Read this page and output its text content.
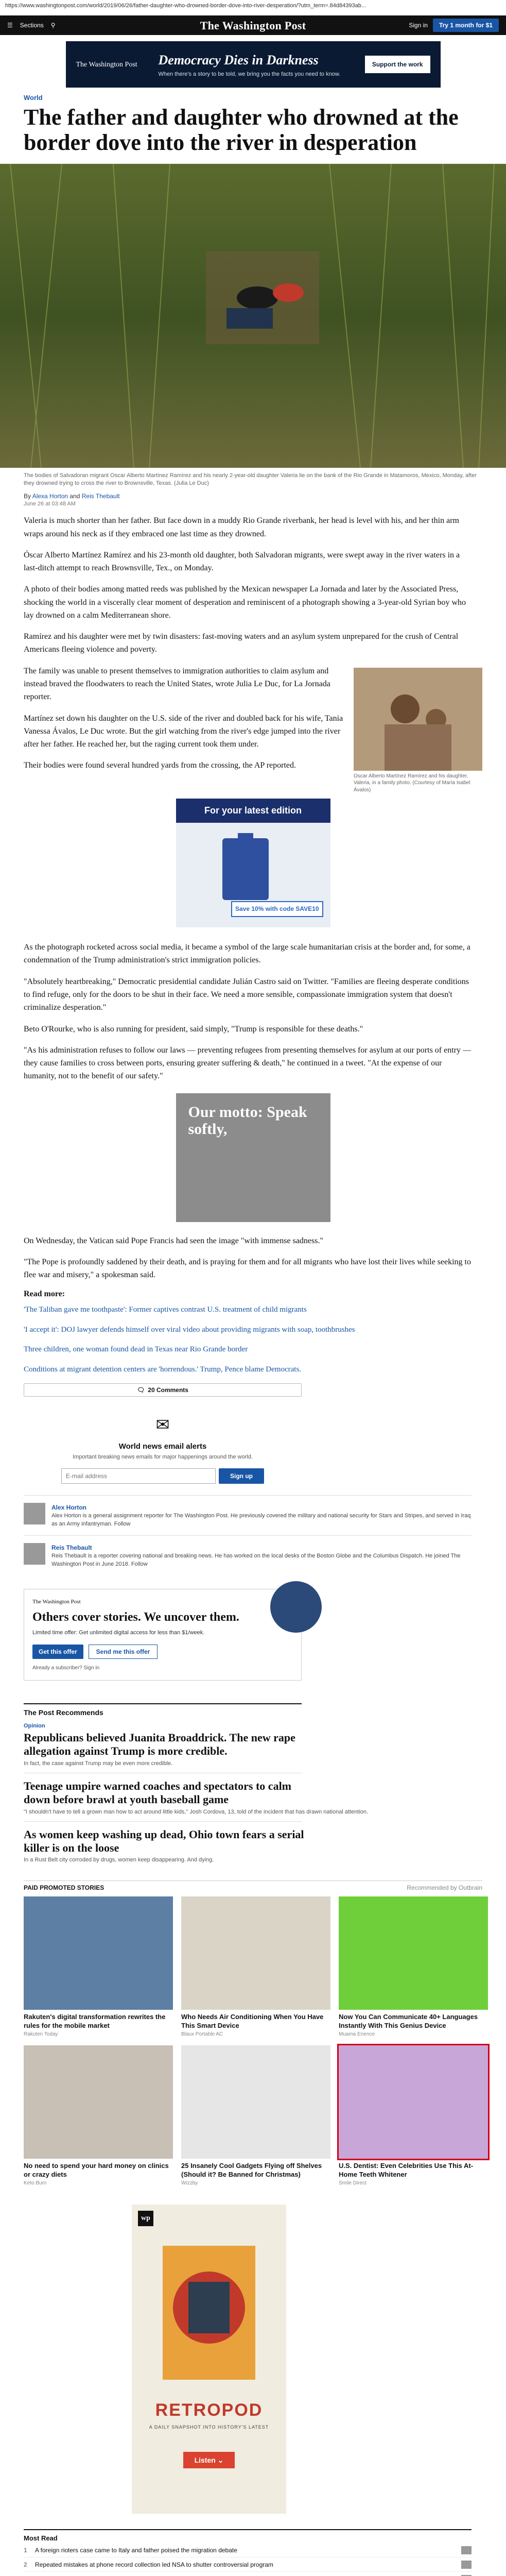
https://www.washingtonpost.com/world/2019/06/26/father-daughter-who-drowned-border-dove-into-river-desperation/?utm_term=.84d84393ab...
☰ Sections ⚲	The Washington Post	Sign in	Try 1 month for $1
The Washington Post	Democracy Dies in Darkness
When there's a story to be told, we bring you the facts you need to know.
Support the work
World
The father and daughter who drowned at the border dove into the river in desperation
The bodies of Salvadoran migrant Oscar Alberto Martínez Ramírez and his nearly 2-year-old daughter Valeria lie on the bank of the Rio Grande in Matamoros, Mexico, Monday, after they drowned trying to cross the river to Brownsville, Texas. (Julia Le Duc)
By Alexa Horton and Reis Thebault
June 26 at 03:48 AM

Valeria is much shorter than her father. But face down in a muddy Rio Grande riverbank, her head is level with his, and her thin arm wraps around his neck as if they embraced one last time as they drowned.

Óscar Alberto Martínez Ramírez and his 23-month old daughter, both Salvadoran migrants, were swept away in the river waters in a last-ditch attempt to reach Brownsville, Tex., on Monday.

A photo of their bodies among matted reeds was published by the Mexican newspaper La Jornada and later by the Associated Press, shocking the world in a viscerally clear moment of desperation and reminiscent of a photograph showing a 3-year-old Syrian boy who lay drowned on a calm Mediterranean shore.

Ramírez and his daughter were met by twin disasters: fast-moving waters and an asylum system unprepared for the crush of Central Americans fleeing violence and poverty.

Oscar Alberto Martínez Ramírez and his daughter, Valeria, in a family photo. (Courtesy of María Isabel Ávalos)

The family was unable to present themselves to immigration authorities to claim asylum and instead braved the floodwaters to reach the United States, wrote Julia Le Duc, for La Jornada reporter.

Martínez set down his daughter on the U.S. side of the river and doubled back for his wife, Tania Vanessa Ávalos, Le Duc wrote. But the girl watching from the river's edge jumped into the river after her father. He reached her, but the raging current took them under.

Their bodies were found several hundred yards from the crossing, the AP reported.

For your latest edition
Save 10% with code SAVE10

As the photograph rocketed across social media, it became a symbol of the large scale humanitarian crisis at the border and, for some, a condemnation of the Trump administration's strict immigration policies.

"Absolutely heartbreaking," Democratic presidential candidate Julián Castro said on Twitter. "Families are fleeing desperate conditions to find refuge, only for the doors to be shut in their face. We need a more sensible, compassionate immigration system that doesn't criminalize desperation."

Beto O'Rourke, who is also running for president, said simply, "Trump is responsible for these deaths."

"As his administration refuses to follow our laws — preventing refugees from presenting themselves for asylum at our ports of entry — they cause families to cross between ports, ensuring greater suffering & death," he continued in a tweet. "At the expense of our humanity, not to the benefit of our safety."

Our motto: Speak softly,

On Wednesday, the Vatican said Pope Francis had seen the image "with immense sadness."

"The Pope is profoundly saddened by their death, and is praying for them and for all migrants who have lost their lives while seeking to flee war and misery," a spokesman said.

Read more:
'The Taliban gave me toothpaste': Former captives contrast U.S. treatment of child migrants
'I accept it': DOJ lawyer defends himself over viral video about providing migrants with soap, toothbrushes
Three children, one woman found dead in Texas near Rio Grande border
Conditions at migrant detention centers are 'horrendous.' Trump, Pence blame Democrats.
🗨 20 Comments
✉
World news email alerts
Important breaking news emails for major happenings around the world.
E-mail address
Sign up
Alex Horton
Alex Horton is a general assignment reporter for The Washington Post. He previously covered the military and national security for Stars and Stripes, and served in Iraq as an Army infantryman. Follow
Reis Thebault
Reis Thebault is a reporter covering national and breaking news. He has worked on the local desks of the Boston Globe and the Columbus Dispatch. He joined The Washington Post in June 2018. Follow
The Washington Post
Others cover stories. We uncover them.
Limited time offer: Get unlimited digital access for less than $1/week.
Get this offer	Send me this offer
Already a subscriber? Sign in
The Post Recommends
Opinion
Republicans believed Juanita Broaddrick. The new rape allegation against Trump is more credible.
In fact, the case against Trump may be even more credible.
Teenage umpire warned coaches and spectators to calm down before brawl at youth baseball game
"I shouldn't have to tell a grown man how to act around little kids," Josh Cordova, 13, told of the incident that has drawn national attention.
As women keep washing up dead, Ohio town fears a serial killer is on the loose
In a Rust Belt city corroded by drugs, women keep disappearing. And dying.
PAID PROMOTED STORIES	Recommended by Outbrain
Rakuten's digital transformation rewrites the rules for the mobile market
Rakuten Today
Who Needs Air Conditioning When You Have This Smart Device
Blaux Portable AC
Now You Can Communicate 40+ Languages Instantly With This Genius Device
Muama Enence
No need to spend your hard money on clinics or crazy diets
Keto Burn
25 Insanely Cool Gadgets Flying off Shelves (Should it? Be Banned for Christmas)
Wizzby
U.S. Dentist: Even Celebrities Use This At-Home Teeth Whitener
Smile Direct
wp
RETROPOD
A DAILY SNAPSHOT INTO HISTORY'S LATEST
Listen ⌄
Most Read
1	A foreign rioters case came to Italy and father poised the migration debate
2	Repeated mistakes at phone record collection led NSA to shutter controversial program
